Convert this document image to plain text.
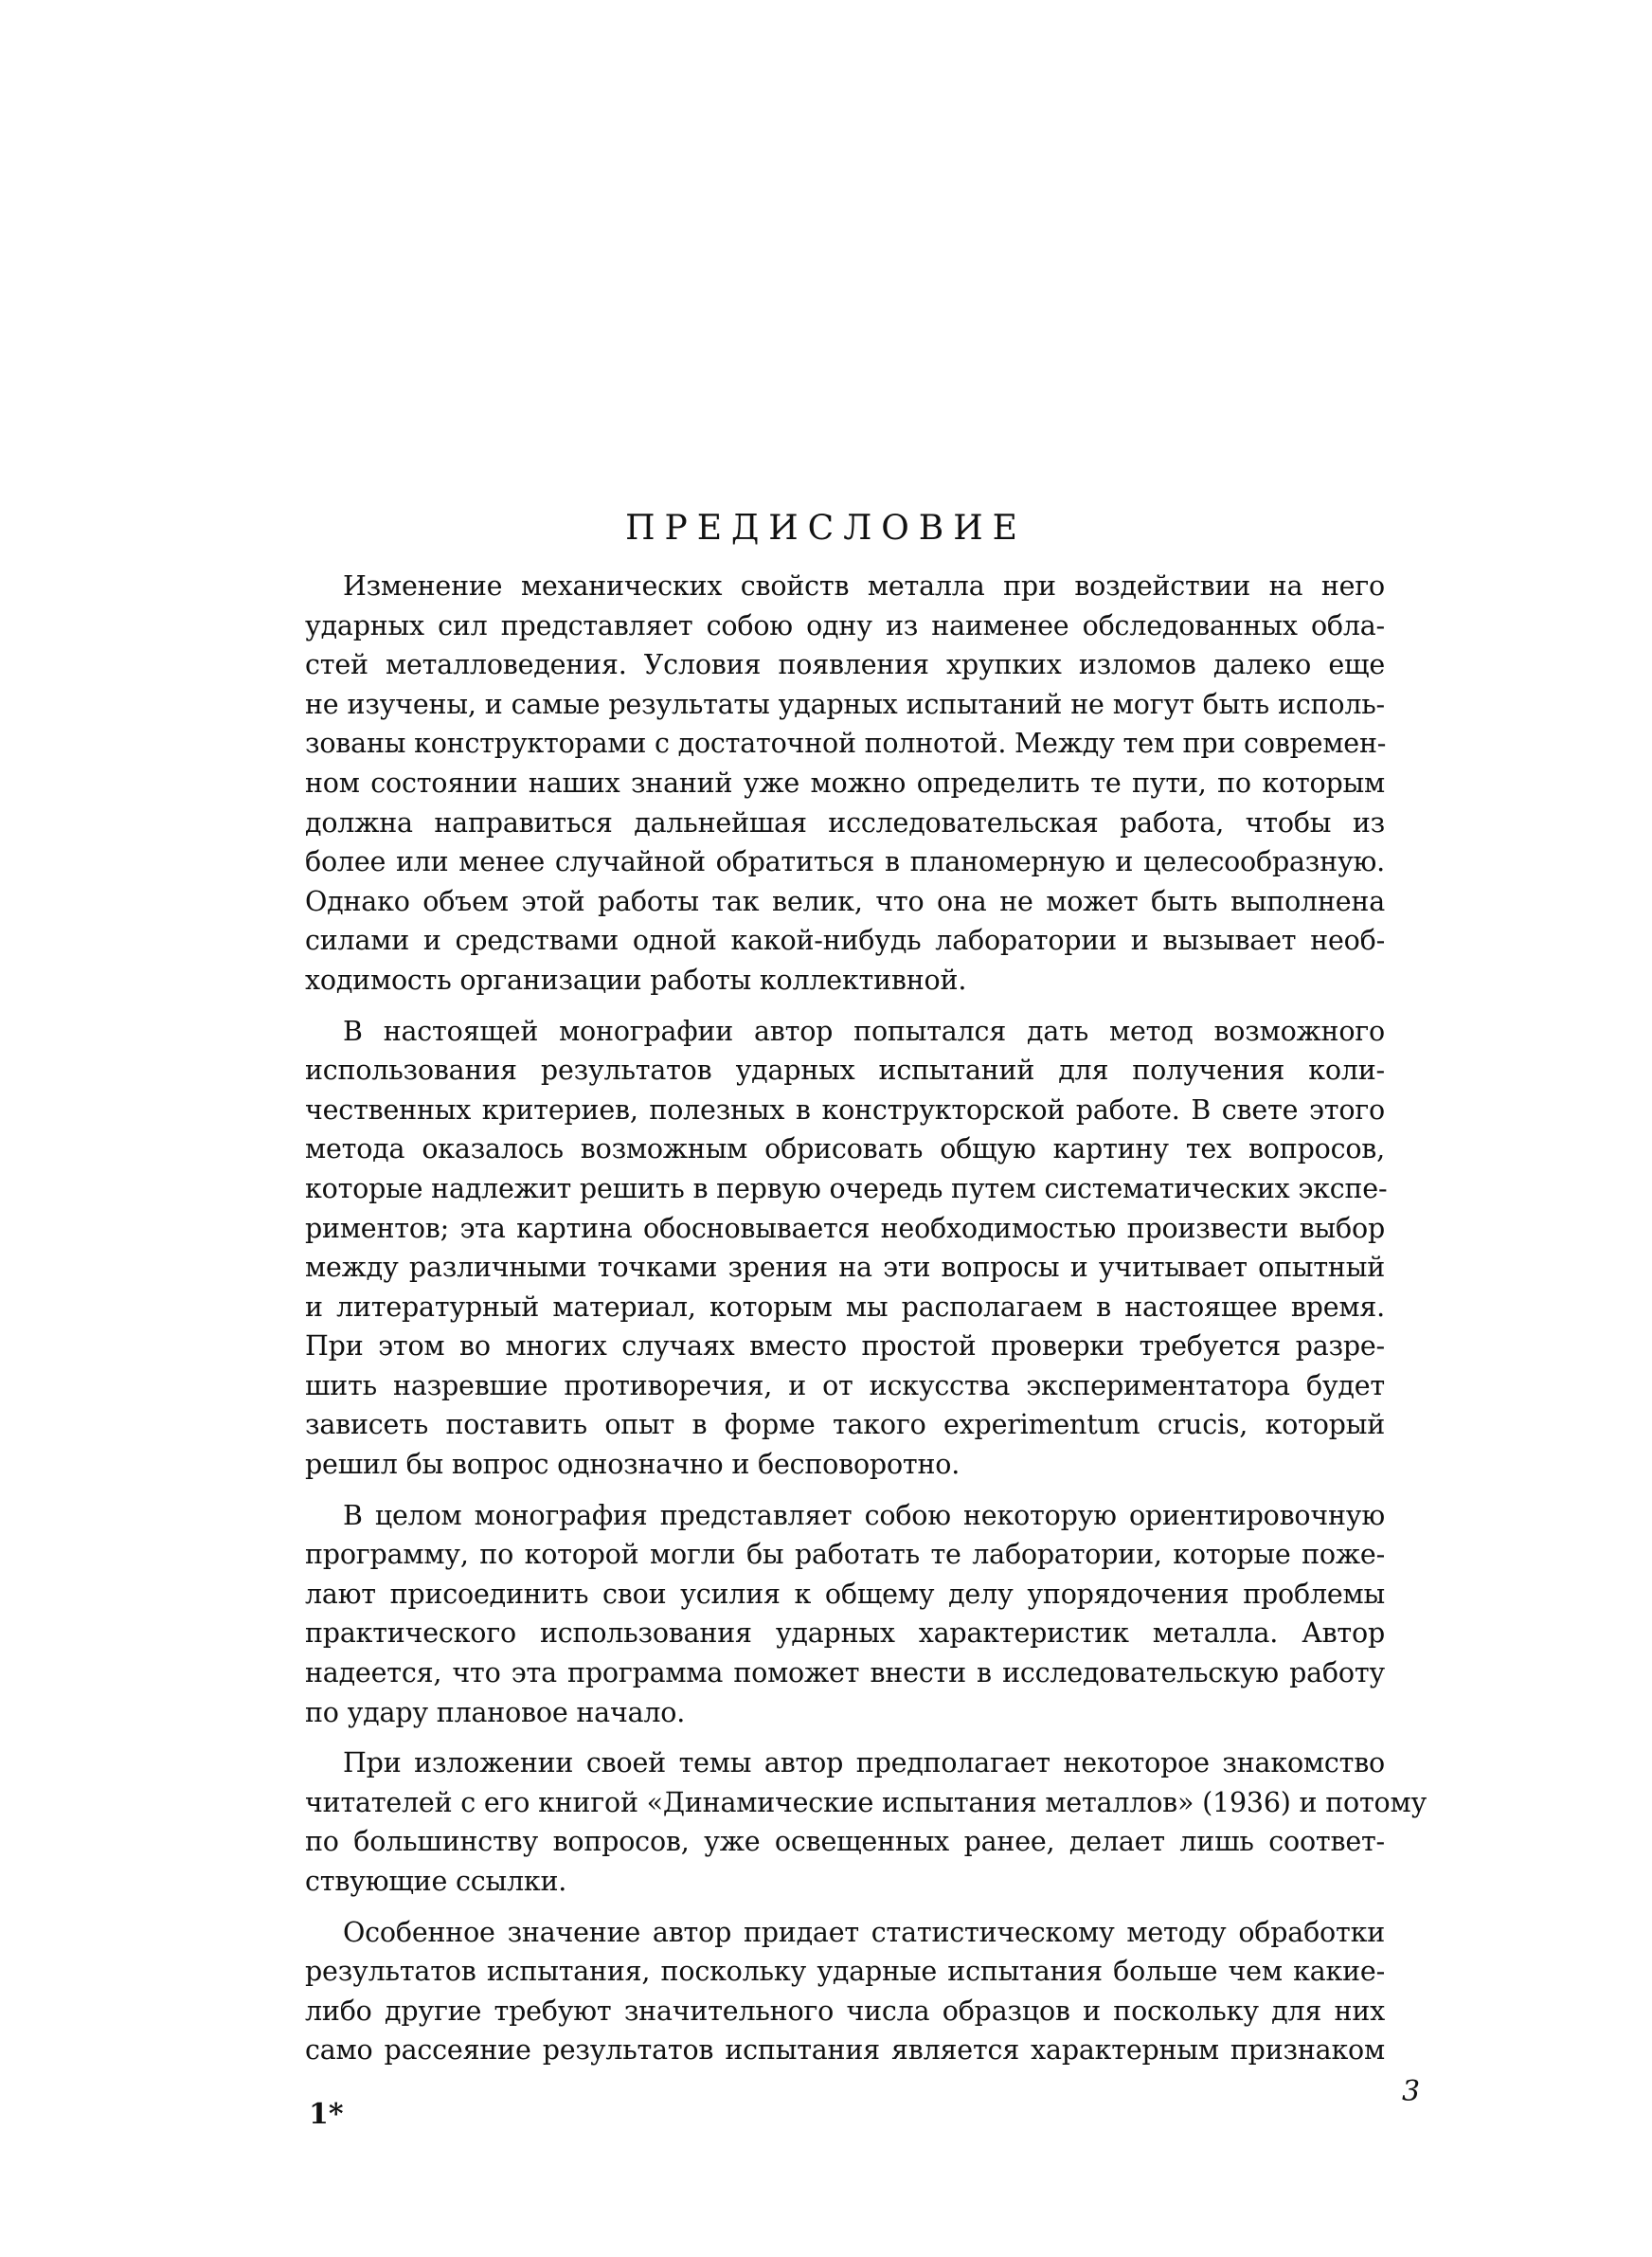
ПРЕДИСЛОВИЕ
Изменение механических свойств металла при воздействии на него
ударных сил представляет собою одну из наименее обследованных обла-
стей металловедения. Условия появления хрупких изломов далеко еще
не изучены, и самые результаты ударных испытаний не могут быть исполь-
зованы конструкторами с достаточной полнотой. Между тем при современ-
ном состоянии наших знаний уже можно определить те пути, по которым
должна направиться дальнейшая исследовательская работа, чтобы из
более или менее случайной обратиться в планомерную и целесообразную.
Однако объем этой работы так велик, что она не может быть выполнена
силами и средствами одной какой-нибудь лаборатории и вызывает необ-
ходимость организации работы коллективной.
В настоящей монографии автор попытался дать метод возможного
использования результатов ударных испытаний для получения коли-
чественных критериев, полезных в конструкторской работе. В свете этого
метода оказалось возможным обрисовать общую картину тех вопросов,
которые надлежит решить в первую очередь путем систематических экспе-
риментов; эта картина обосновывается необходимостью произвести выбор
между различными точками зрения на эти вопросы и учитывает опытный
и литературный материал, которым мы располагаем в настоящее время.
При этом во многих случаях вместо простой проверки требуется разре-
шить назревшие противоречия, и от искусства экспериментатора будет
зависеть поставить опыт в форме такого experimentum crucis, который
решил бы вопрос однозначно и бесповоротно.
В целом монография представляет собою некоторую ориентировочную
программу, по которой могли бы работать те лаборатории, которые поже-
лают присоединить свои усилия к общему делу упорядочения проблемы
практического использования ударных характеристик металла. Автор
надеется, что эта программа поможет внести в исследовательскую работу
по удару плановое начало.
При изложении своей темы автор предполагает некоторое знакомство
читателей с его книгой «Динамические испытания металлов» (1936) и потому
по большинству вопросов, уже освещенных ранее, делает лишь соответ-
ствующие ссылки.
Особенное значение автор придает статистическому методу обработки
результатов испытания, поскольку ударные испытания больше чем какие-
либо другие требуют значительного числа образцов и поскольку для них
само рассеяние результатов испытания является характерным признаком
3
1*
